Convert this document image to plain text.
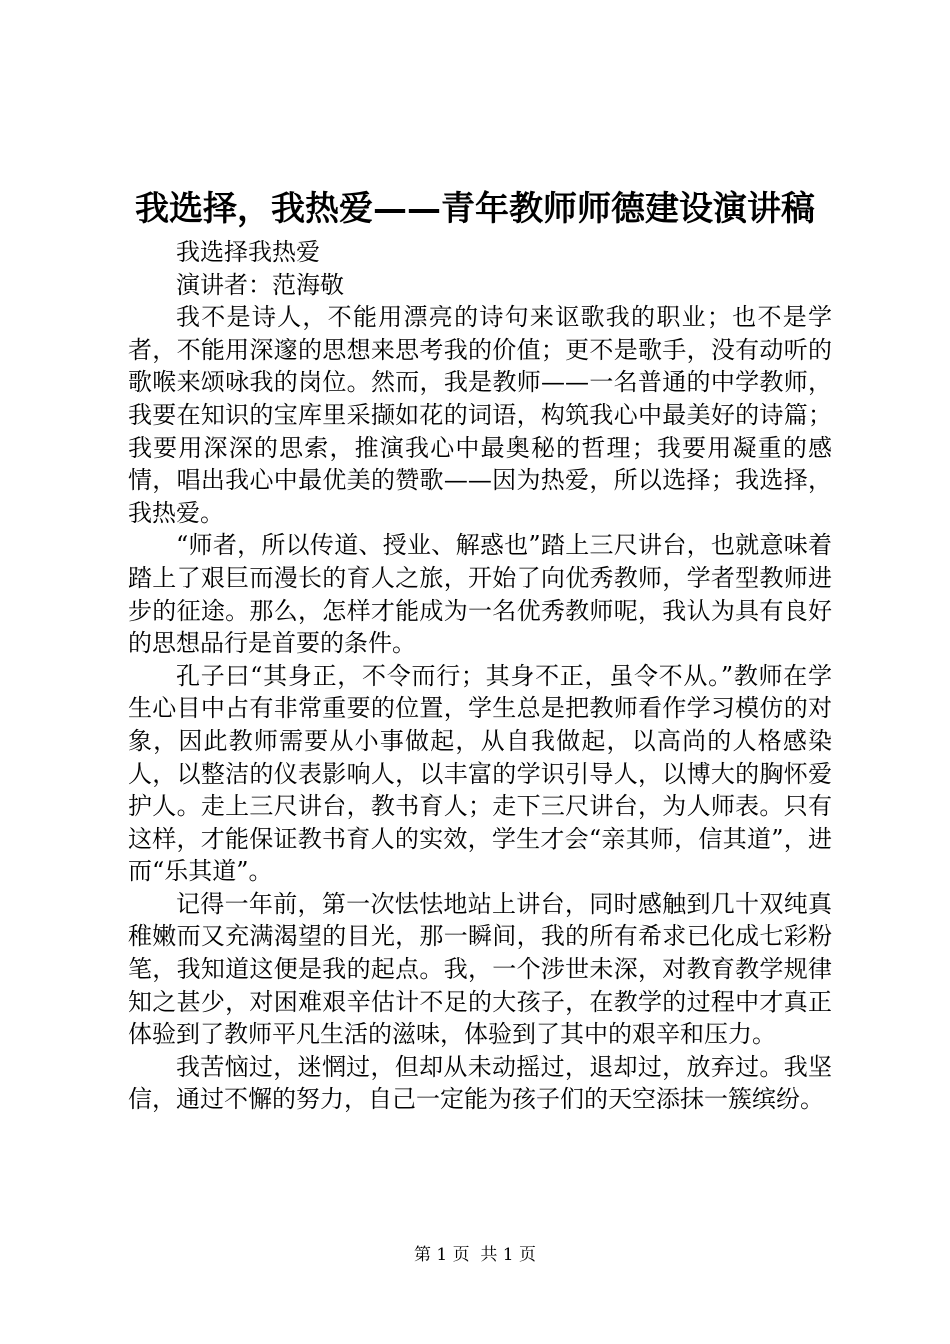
我选择，我热爱——青年教师师德建设演讲稿

我选择我热爱

演讲者：范海敬

我不是诗人，不能用漂亮的诗句来讴歌我的职业；也不是学者，不能用深邃的思想来思考我的价值；更不是歌手，没有动听的歌喉来颂咏我的岗位。然而，我是教师——一名普通的中学教师，我要在知识的宝库里采撷如花的词语，构筑我心中最美好的诗篇；我要用深深的思索，推演我心中最奥秘的哲理；我要用凝重的感情，唱出我心中最优美的赞歌——因为热爱，所以选择；我选择，我热爱。

“师者，所以传道、授业、解惑也”踏上三尺讲台，也就意味着踏上了艰巨而漫长的育人之旅，开始了向优秀教师，学者型教师进步的征途。那么，怎样才能成为一名优秀教师呢，我认为具有良好的思想品行是首要的条件。

孔子曰“其身正，不令而行；其身不正，虽令不从。”教师在学生心目中占有非常重要的位置，学生总是把教师看作学习模仿的对象，因此教师需要从小事做起，从自我做起，以高尚的人格感染人，以整洁的仪表影响人，以丰富的学识引导人，以博大的胸怀爱护人。走上三尺讲台，教书育人；走下三尺讲台，为人师表。只有这样，才能保证教书育人的实效，学生才会“亲其师，信其道”，进而“乐其道”。

记得一年前，第一次怯怯地站上讲台，同时感触到几十双纯真稚嫩而又充满渴望的目光，那一瞬间，我的所有希求已化成七彩粉笔，我知道这便是我的起点。我，一个涉世未深，对教育教学规律知之甚少，对困难艰辛估计不足的大孩子，在教学的过程中才真正体验到了教师平凡生活的滋味，体验到了其中的艰辛和压力。

我苦恼过，迷惘过，但却从未动摇过，退却过，放弃过。我坚信，通过不懈的努力，自己一定能为孩子们的天空添抹一簇缤纷。

第 1 页  共 1 页
